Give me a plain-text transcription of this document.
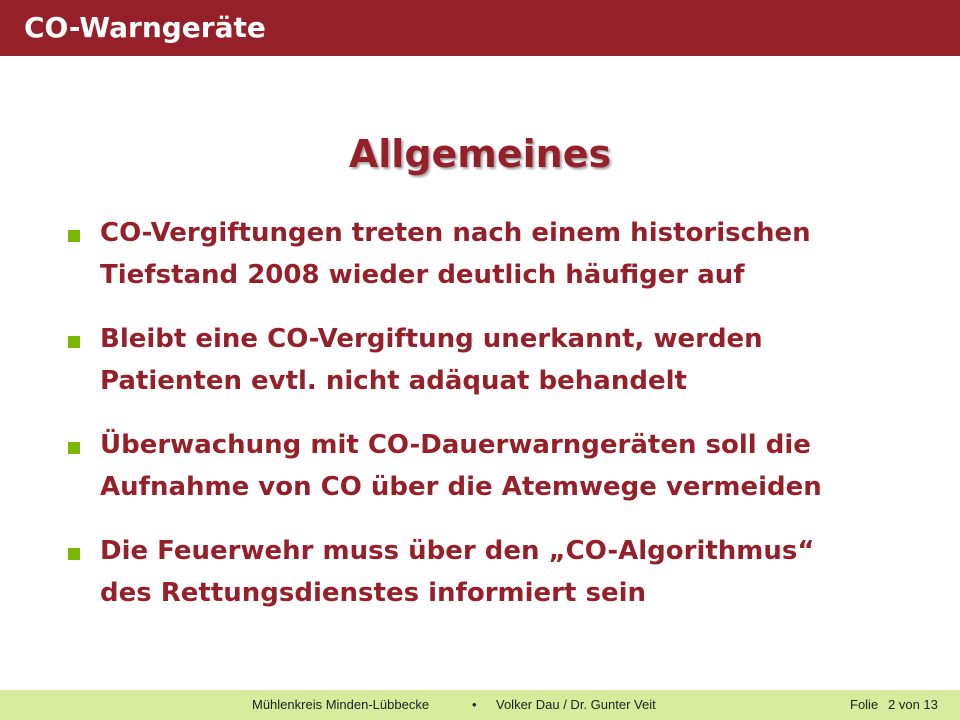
CO-Warngeräte
Allgemeines
CO-Vergiftungen treten nach einem historischen
Tiefstand 2008 wieder deutlich häufiger auf
Bleibt eine CO-Vergiftung unerkannt, werden
Patienten evtl. nicht adäquat behandelt
Überwachung mit CO-Dauerwarngeräten soll die
Aufnahme von CO über die Atemwege vermeiden
Die Feuerwehr muss über den „CO-Algorithmus“
des Rettungsdienstes informiert sein
Mühlenkreis Minden-Lübbecke	• Volker Dau / Dr. Gunter Veit	Folie 2 von 13
